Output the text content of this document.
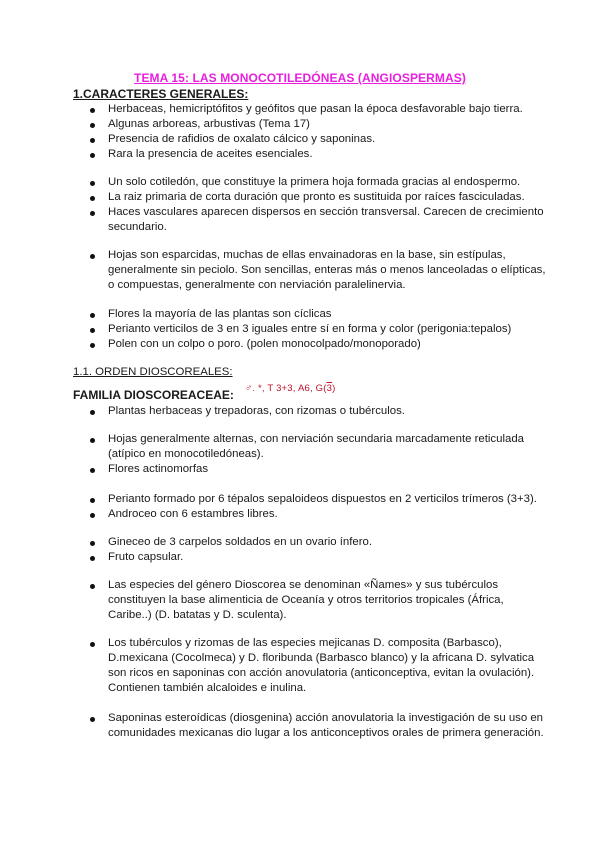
TEMA 15: LAS MONOCOTILEDÓNEAS (ANGIOSPERMAS)
1.CARACTERES GENERALES:
Herbaceas, hemicriptófitos y geófitos que pasan la época desfavorable bajo tierra.
Algunas arboreas, arbustivas (Tema 17)
Presencia de rafidios de oxalato cálcico y saponinas.
Rara la presencia de aceites esenciales.
Un solo cotiledón, que constituye la primera hoja formada gracias al endospermo.
La raiz primaria de corta duración que pronto es sustituida por raíces fasciculadas.
Haces vasculares aparecen dispersos en sección transversal. Carecen de crecimiento secundario.
Hojas son esparcidas, muchas de ellas envainadoras en la base, sin estípulas, generalmente sin peciolo. Son sencillas, enteras más o menos lanceoladas o elípticas, o compuestas, generalmente con nerviación paralelinervia.
Flores la mayoría de las plantas son cíclicas
Perianto verticilos de 3 en 3 iguales entre sí en forma y color (perigonia:tepalos)
Polen con un colpo o poro. (polen monocolpado/monoporado)
1.1. ORDEN DIOSCOREALES:
FAMILIA DIOSCOREACEAE: ♂. *, T 3+3, A6, G(3)
Plantas herbaceas y trepadoras, con rizomas o tubérculos.
Hojas generalmente alternas, con nerviación secundaria marcadamente reticulada (atípico en monocotiledóneas).
Flores actinomorfas
Perianto formado por 6 tépalos sepaloideos dispuestos en 2 verticilos trímeros (3+3).
Androceo con 6 estambres libres.
Gineceo de 3 carpelos soldados en un ovario ínfero.
Fruto capsular.
Las especies del género Dioscorea se denominan «Ñames» y sus tubérculos constituyen la base alimenticia de Oceanía y otros territorios tropicales (África, Caribe..) (D. batatas y D. sculenta).
Los tubérculos y rizomas de las especies mejicanas D. composita (Barbasco), D.mexicana (Cocolmeca) y D. floribunda (Barbasco blanco) y la africana D. sylvatica son ricos en saponinas con acción anovulatoria (anticonceptiva, evitan la ovulación). Contienen también alcaloides e inulina.
Saponinas esteroídicas (diosgenina) acción anovulatoria la investigación de su uso en comunidades mexicanas dio lugar a los anticonceptivos orales de primera generación.
